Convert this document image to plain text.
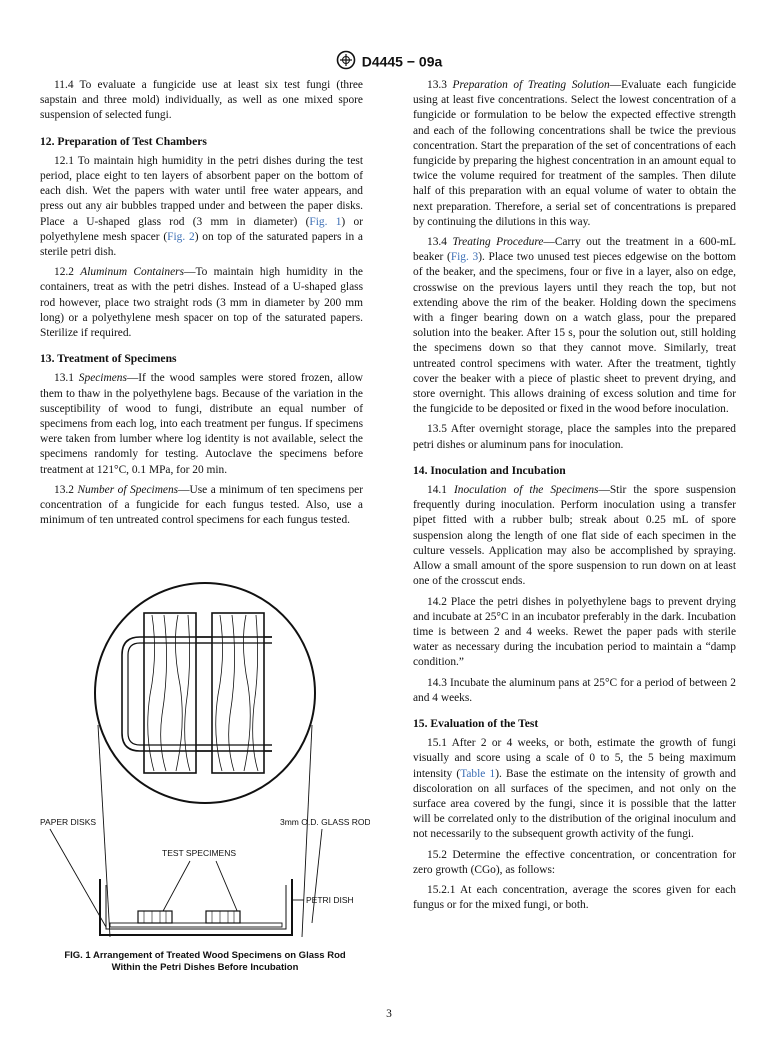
D4445 − 09a

11.4 To evaluate a fungicide use at least six test fungi (three sapstain and three mold) individually, as well as one mixed spore suspension of selected fungi.

12. Preparation of Test Chambers

12.1 To maintain high humidity in the petri dishes during the test period, place eight to ten layers of absorbent paper on the bottom of each dish. Wet the papers with water until free water appears, and press out any air bubbles trapped under and between the paper disks. Place a U-shaped glass rod (3 mm in diameter) (Fig. 1) or polyethylene mesh spacer (Fig. 2) on top of the saturated papers in a sterile petri dish.

12.2 Aluminum Containers—To maintain high humidity in the containers, treat as with the petri dishes. Instead of a U-shaped glass rod however, place two straight rods (3 mm in diameter by 200 mm long) or a polyethylene mesh spacer on top of the saturated papers. Sterilize if required.

13. Treatment of Specimens

13.1 Specimens—If the wood samples were stored frozen, allow them to thaw in the polyethylene bags. Because of the variation in the susceptibility of wood to fungi, distribute an equal number of specimens from each log, into each treatment per fungus. If specimens were taken from lumber where log identity is not available, select the specimens randomly for testing. Autoclave the specimens before treatment at 121°C, 0.1 MPa, for 20 min.

13.2 Number of Specimens—Use a minimum of ten specimens per concentration of a fungicide for each fungus tested. Also, use a minimum of ten untreated control specimens for each fungus tested.

13.3 Preparation of Treating Solution—Evaluate each fungicide using at least five concentrations. Select the lowest concentration of a fungicide or formulation to be below the expected effective strength and each of the following concentrations shall be twice the previous concentration. Start the preparation of the set of concentrations of each fungicide by preparing the highest concentration in an amount equal to twice the volume required for treatment of the samples. Then dilute half of this preparation with an equal volume of water to obtain the next preparation. Therefore, a serial set of concentrations is prepared by continuing the dilutions in this way.

13.4 Treating Procedure—Carry out the treatment in a 600-mL beaker (Fig. 3). Place two unused test pieces edgewise on the bottom of the beaker, and the specimens, four or five in a layer, also on edge, crosswise on the previous layers until they reach the top, but not extending above the rim of the beaker. Holding down the specimens with a finger bearing down on a watch glass, pour the prepared solution into the beaker. After 15 s, pour the solution out, still holding the specimens down so that they cannot move. Similarly, treat untreated control specimens with water. After the treatment, tightly cover the beaker with a piece of plastic sheet to prevent drying, and store overnight. This allows draining of excess solution and time for the fungicide to be deposited or fixed in the wood before inoculation.

13.5 After overnight storage, place the samples into the prepared petri dishes or aluminum pans for inoculation.

14. Inoculation and Incubation

14.1 Inoculation of the Specimens—Stir the spore suspension frequently during inoculation. Perform inoculation using a transfer pipet fitted with a rubber bulb; streak about 0.25 mL of spore suspension along the length of one flat side of each specimen in the culture vessels. Application may also be accomplished by spraying. Allow a small amount of the spore suspension to run down on at least one of the crosscut ends.

14.2 Place the petri dishes in polyethylene bags to prevent drying and incubate at 25°C in an incubator preferably in the dark. Incubation time is between 2 and 4 weeks. Rewet the paper pads with sterile water as necessary during the incubation period to maintain a “damp condition.”

14.3 Incubate the aluminum pans at 25°C for a period of between 2 and 4 weeks.

15. Evaluation of the Test

15.1 After 2 or 4 weeks, or both, estimate the growth of fungi visually and score using a scale of 0 to 5, the 5 being maximum intensity (Table 1). Base the estimate on the intensity of growth and discoloration on all surfaces of the specimen, and not only on the surface area covered by the fungi, since it is possible that the latter will be correlated only to the distribution of the original inoculum and not necessarily to the subsequent growth activity of the fungi.

15.2 Determine the effective concentration, or concentration for zero growth (CGo), as follows:

15.2.1 At each concentration, average the scores given for each fungus or for the mixed fungi, or both.

PAPER DISKS	3mm O.D. GLASS ROD
TEST SPECIMENS
PETRI DISH
FIG. 1 Arrangement of Treated Wood Specimens on Glass Rod
Within the Petri Dishes Before Incubation
3
